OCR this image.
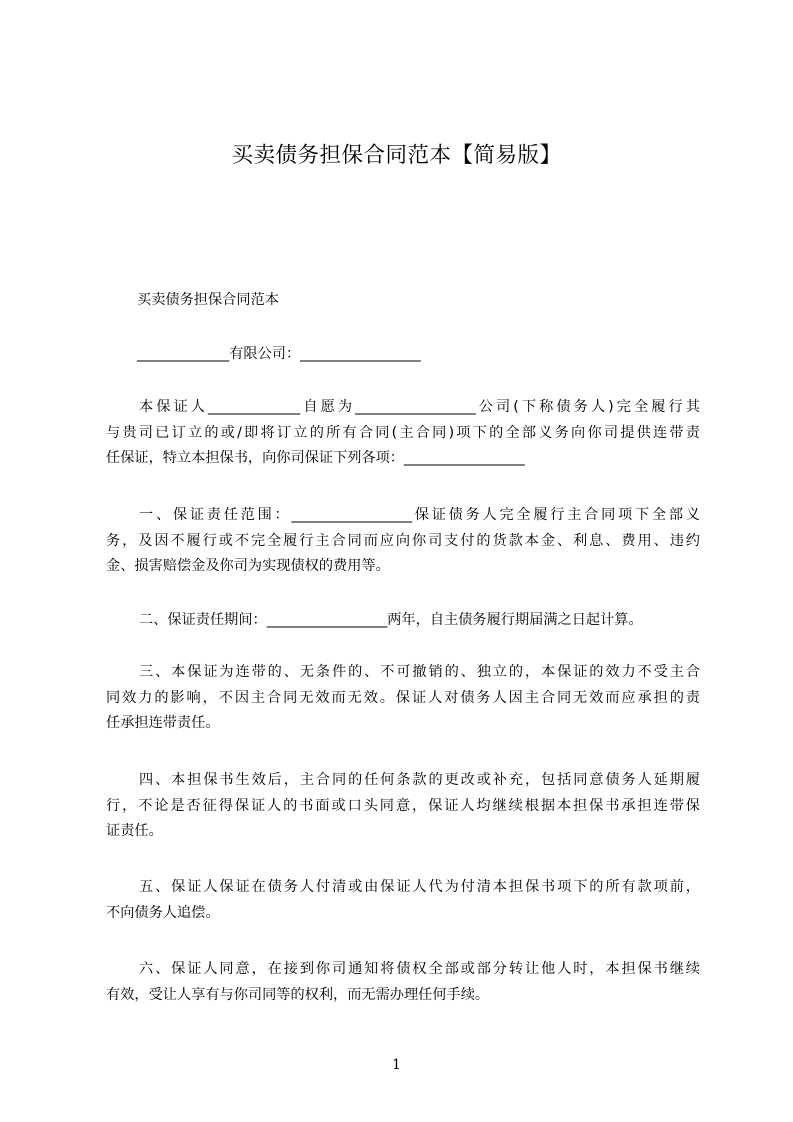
买卖债务担保合同范本【简易版】

买卖债务担保合同范本

_____________有限公司：_________________

本保证人_____________自愿为_________________公司(下称债务人)完全履行其
与贵司已订立的或/即将订立的所有合同(主合同)项下的全部义务向你司提供连带责
任保证，特立本担保书，向你司保证下列各项：_________________
一、保证责任范围：_________________保证债务人完全履行主合同项下全部义
务，及因不履行或不完全履行主合同而应向你司支付的货款本金、利息、费用、违约
金、损害赔偿金及你司为实现债权的费用等。
二、保证责任期间：_________________两年，自主债务履行期届满之日起计算。
三、本保证为连带的、无条件的、不可撤销的、独立的，本保证的效力不受主合
同效力的影响，不因主合同无效而无效。保证人对债务人因主合同无效而应承担的责
任承担连带责任。
四、本担保书生效后，主合同的任何条款的更改或补充，包括同意债务人延期履
行，不论是否征得保证人的书面或口头同意，保证人均继续根据本担保书承担连带保
证责任。
五、保证人保证在债务人付清或由保证人代为付清本担保书项下的所有款项前，
不向债务人追偿。
六、保证人同意，在接到你司通知将债权全部或部分转让他人时，本担保书继续
有效，受让人享有与你司同等的权利，而无需办理任何手续。

1
